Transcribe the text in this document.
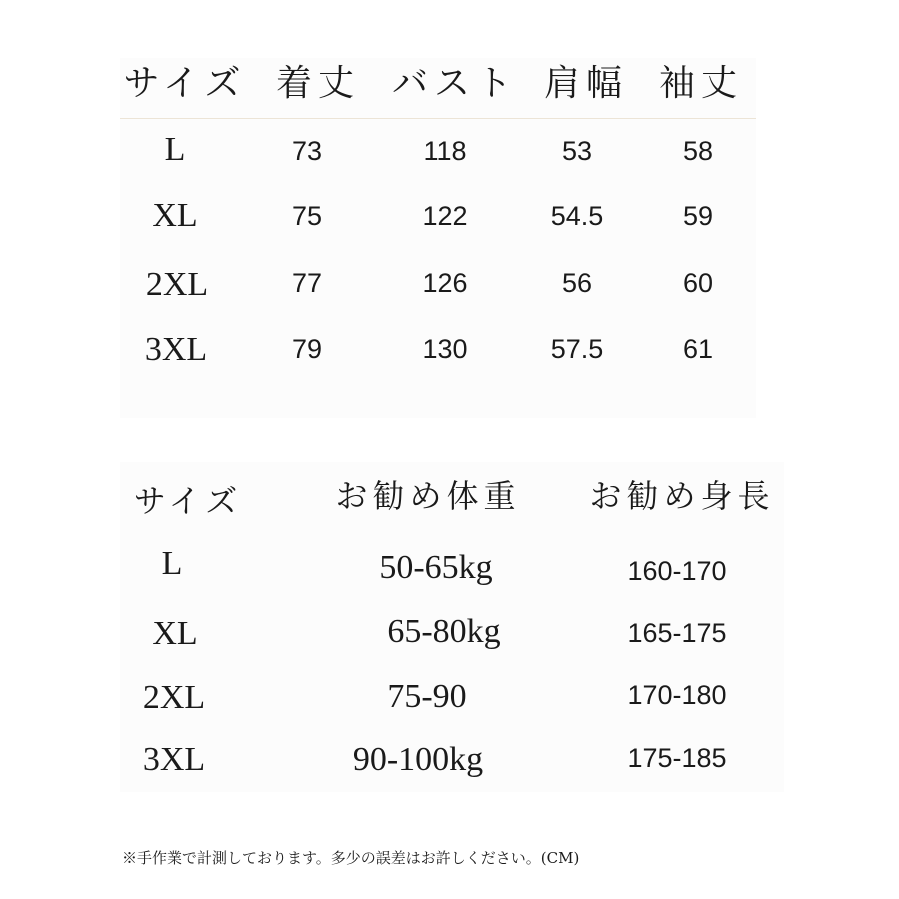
サイズ 着丈 バスト 肩幅 袖丈
L	73	118	53	58
XL	75	122	54.5	59
2XL	77	126	56	60
3XL	79	130	57.5	61
サイズ	お勧め体重 お勧め身長
L	50-65kg	160-170
XL	65-80kg	165-175
2XL	75-90	170-180
3XL	90-100kg	175-185
※手作業で計測しております。多少の誤差はお許しください。(CM)
